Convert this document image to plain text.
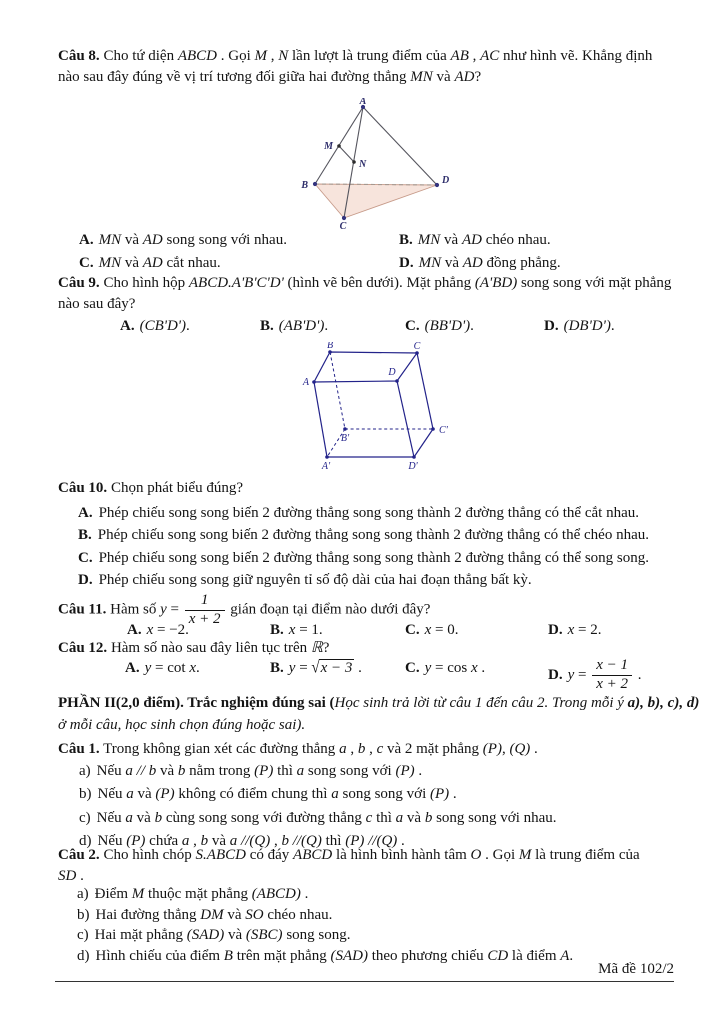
Câu 8. Cho tứ diện ABCD . Gọi M , N lần lượt là trung điểm của AB , AC như hình vẽ. Khẳng định
nào sau đây đúng về vị trí tương đối giữa hai đường thẳng MN và AD?
A
M
N
B	D
C
A. MN và AD song song với nhau.	B. MN và AD chéo nhau.
C. MN và AD cắt nhau.	D. MN và AD đồng phẳng.
Câu 9. Cho hình hộp ABCD.A'B'C'D' (hình vẽ bên dưới). Mặt phẳng (A'BD) song song với mặt phẳng
nào sau đây?
A. (CB'D').	B. (AB'D').	C. (BB'D').	D. (DB'D').
B	C
A
D
B'
C'
A'	D'
Câu 10. Chọn phát biểu đúng?
A. Phép chiếu song song biến 2 đường thẳng song song thành 2 đường thẳng có thể cắt nhau.
B. Phép chiếu song song biến 2 đường thẳng song song thành 2 đường thẳng có thể chéo nhau.
C. Phép chiếu song song biến 2 đường thẳng song song thành 2 đường thẳng có thể song song.
D. Phép chiếu song song giữ nguyên tỉ số độ dài của hai đoạn thẳng bất kỳ.
Câu 11. Hàm số $y = \frac{1}{x + 2}$ gián đoạn tại điểm nào dưới đây?
A. x = −2.	B. x = 1.	C. x = 0.	D. x = 2.
Câu 12. Hàm số nào sau đây liên tục trên ℝ?
A. y = cot x.	B. y = √x − 3 .	C. y = cos x .	D. $y = \frac{x - 1}{x + 2}$ .
PHẦN II(2,0 điểm). Trắc nghiệm đúng sai (Học sinh trả lời từ câu 1 đến câu 2. Trong mỗi ý a), b), c), d)
ở mỗi câu, học sinh chọn đúng hoặc sai).
Câu 1. Trong không gian xét các đường thẳng a , b , c và 2 mặt phẳng (P), (Q) .
a) Nếu a // b và b nằm trong (P) thì a song song với (P) .
b) Nếu a và (P) không có điểm chung thì a song song với (P) .
c) Nếu a và b cùng song song với đường thẳng c thì a và b song song với nhau.
d) Nếu (P) chứa a , b và a //(Q) , b //(Q) thì (P) //(Q) .
Câu 2. Cho hình chóp S.ABCD có đáy ABCD là hình bình hành tâm O . Gọi M là trung điểm của
SD .
a) Điểm M thuộc mặt phẳng (ABCD) .
b) Hai đường thẳng DM và SO chéo nhau.
c) Hai mặt phẳng (SAD) và (SBC) song song.
d) Hình chiếu của điểm B trên mặt phẳng (SAD) theo phương chiếu CD là điểm A.
Mã đề 102/2
